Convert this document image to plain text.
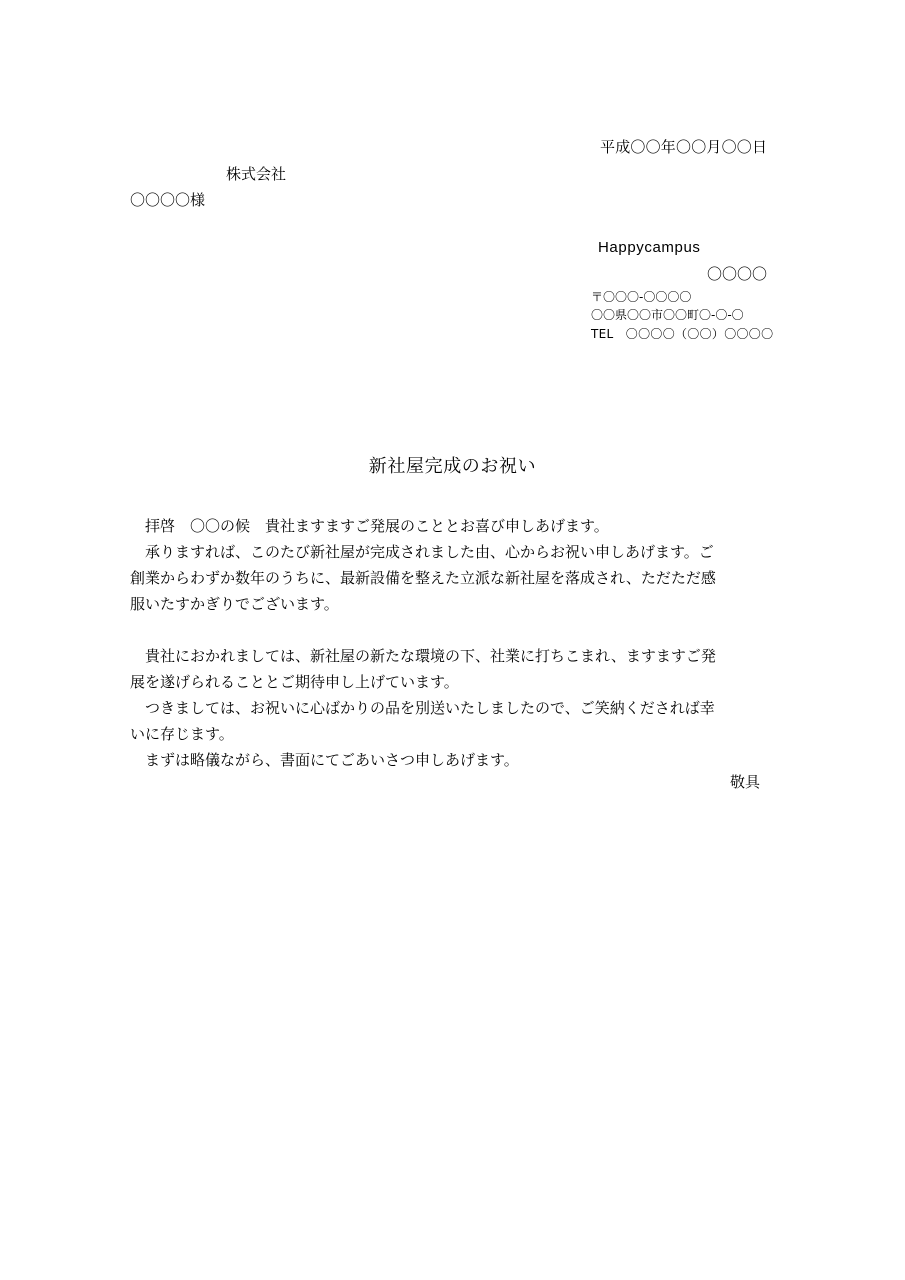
平成〇〇年〇〇月〇〇日
株式会社
〇〇〇〇様
Happycampus
〇〇〇〇
〒〇〇〇-〇〇〇〇
〇〇県〇〇市〇〇町〇-〇-〇
TEL　〇〇〇〇（〇〇）〇〇〇〇
新社屋完成のお祝い
　拝啓　〇〇の候　貴社ますますご発展のこととお喜び申しあげます。
　承りますれば、このたび新社屋が完成されました由、心からお祝い申しあげます。ご
創業からわずか数年のうちに、最新設備を整えた立派な新社屋を落成され、ただただ感
服いたすかぎりでございます。
　貴社におかれましては、新社屋の新たな環境の下、社業に打ちこまれ、ますますご発
展を遂げられることとご期待申し上げています。
　つきましては、お祝いに心ばかりの品を別送いたしましたので、ご笑納くだされば幸
いに存じます。
　まずは略儀ながら、書面にてごあいさつ申しあげます。
敬具
